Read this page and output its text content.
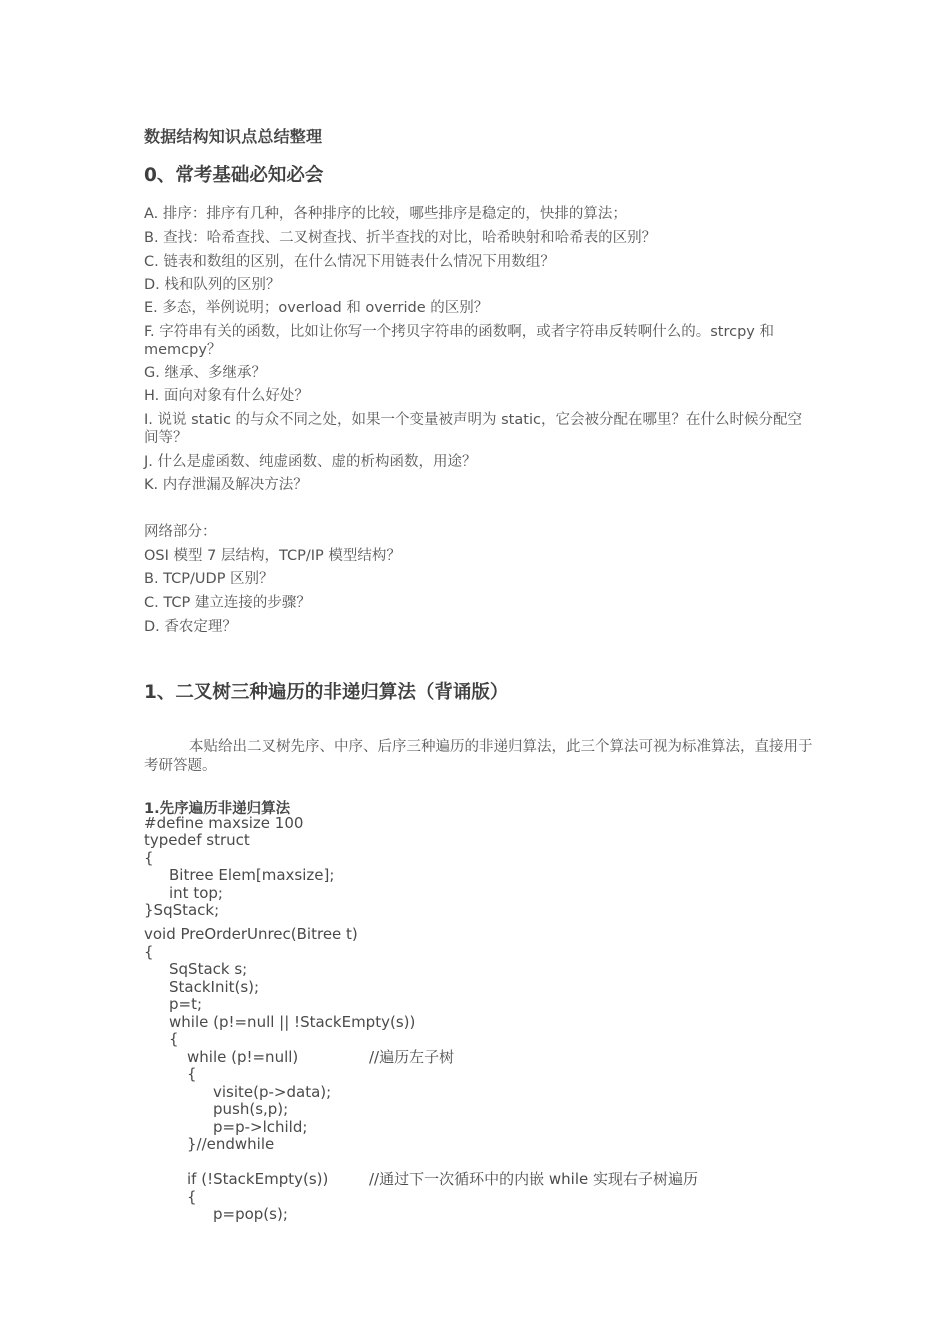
数据结构知识点总结整理
0、常考基础必知必会
A. 排序：排序有几种，各种排序的比较，哪些排序是稳定的，快排的算法；
B. 查找：哈希查找、二叉树查找、折半查找的对比，哈希映射和哈希表的区别？
C. 链表和数组的区别，在什么情况下用链表什么情况下用数组？
D. 栈和队列的区别？
E. 多态，举例说明；overload 和 override 的区别？
F. 字符串有关的函数，比如让你写一个拷贝字符串的函数啊，或者字符串反转啊什么的。strcpy 和 memcpy？
G. 继承、多继承？
H. 面向对象有什么好处？
I. 说说 static 的与众不同之处，如果一个变量被声明为 static，它会被分配在哪里？在什么时候分配空间等？
J. 什么是虚函数、纯虚函数、虚的析构函数，用途？
K. 内存泄漏及解决方法？
网络部分：
OSI 模型 7 层结构，TCP/IP 模型结构？
B. TCP/UDP 区别？
C. TCP 建立连接的步骤？
D. 香农定理？
1、二叉树三种遍历的非递归算法（背诵版）
本贴给出二叉树先序、中序、后序三种遍历的非递归算法，此三个算法可视为标准算法，直接用于考研答题。
1.先序遍历非递归算法
#define maxsize 100
typedef struct
{
Bitree Elem[maxsize];
int top;
}SqStack;
void PreOrderUnrec(Bitree t)
{
SqStack s;
StackInit(s);
p=t;
while (p!=null || !StackEmpty(s))
{
while (p!=null)	//遍历左子树
{
visite(p->data);
push(s,p);
p=p->lchild;
}//endwhile
if (!StackEmpty(s))	//通过下一次循环中的内嵌 while 实现右子树遍历
{
p=pop(s);
